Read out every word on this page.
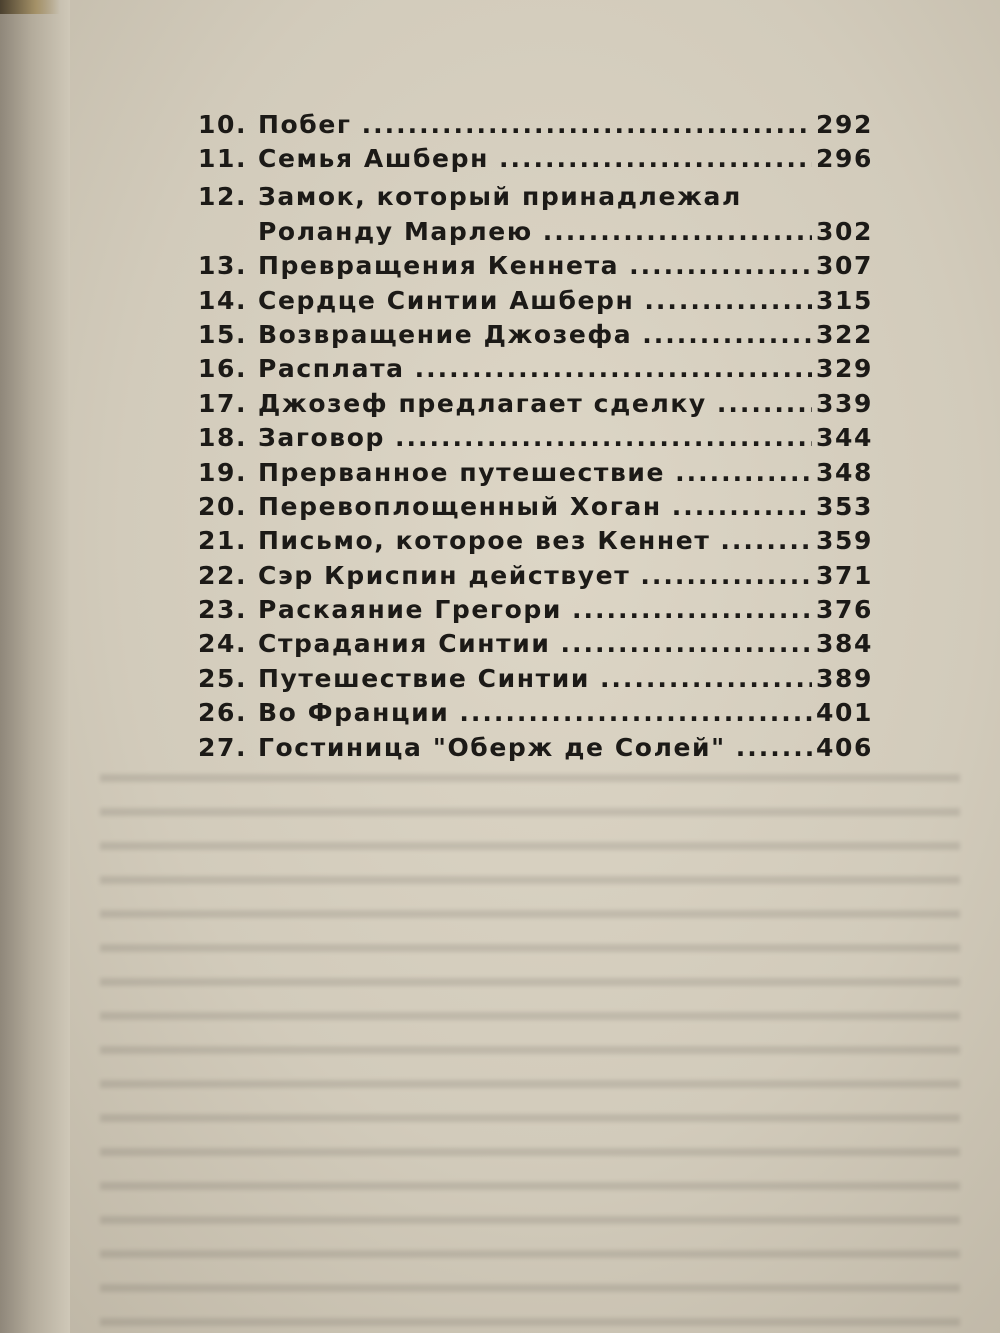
10. Побег .....	292
11. Семья Ашберн .....	296
12. Замок, который принадлежал
Роланду Марлею .....	302
13. Превращения Кеннета .....	307
14. Сердце Синтии Ашберн .....	315
15. Возвращение Джозефа .....	322
16. Расплата .....	329
17. Джозеф предлагает сделку .....	339
18. Заговор .....	344
19. Прерванное путешествие .....	348
20. Перевоплощенный Хоган .....	353
21. Письмо, которое вез Кеннет .....	359
22. Сэр Криспин действует .....	371
23. Раскаяние Грегори .....	376
24. Страдания Синтии .....	384
25. Путешествие Синтии .....	389
26. Во Франции .....	401
27. Гостиница "Оберж де Солей" .....	406
